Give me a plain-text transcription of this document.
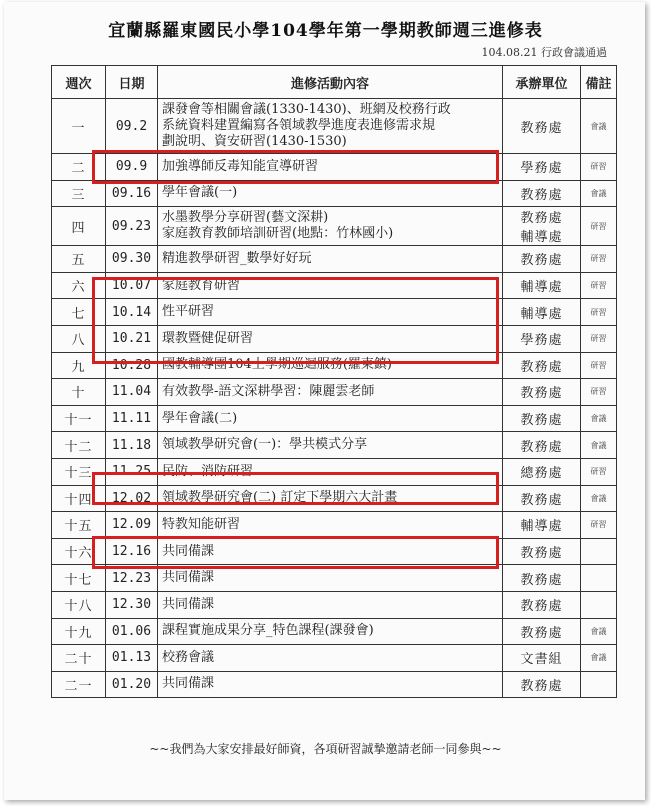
宜蘭縣羅東國民小學104學年第一學期教師週三進修表
104.08.21 行政會議通過
週次	日期	進修活動內容	承辦單位	備註
一	09.2	課發會等相關會議(1330-1430)、班網及校務行政
系統資料建置編寫各領域教學進度表進修需求規
劃說明、資安研習(1430-1530)	教務處	會議
二	09.9	加強導師反毒知能宣導研習	學務處	研習
三	09.16	學年會議(一)	教務處	會議
四	09.23	水墨教學分享研習(藝文深耕)
家庭教育教師培訓研習(地點：竹林國小)	教務處
輔導處	研習
五	09.30	精進教學研習_數學好好玩	教務處	研習
六	10.07	家庭教育研習	輔導處	研習
七	10.14	性平研習	輔導處	研習
八	10.21	環教暨健促研習	學務處	研習
九	10.28	國教輔導團104上學期巡迴服務(羅東鎮)	教務處	研習
十	11.04	有效教學-語文深耕學習：陳麗雲老師	教務處	研習
十一	11.11	學年會議(二)	教務處	會議
十二	11.18	領域教學研究會(一)：學共模式分享	教務處	會議
十三	11.25	民防、消防研習	總務處	研習
十四	12.02	領域教學研究會(二) 訂定下學期六大計畫	教務處	會議
十五	12.09	特教知能研習	輔導處	研習
十六	12.16	共同備課	教務處	
十七	12.23	共同備課	教務處	
十八	12.30	共同備課	教務處	
十九	01.06	課程實施成果分享_特色課程(課發會)	教務處	會議
二十	01.13	校務會議	文書組	會議
二一	01.20	共同備課	教務處	
~~我們為大家安排最好師資，各項研習誠摯邀請老師一同參與~~
